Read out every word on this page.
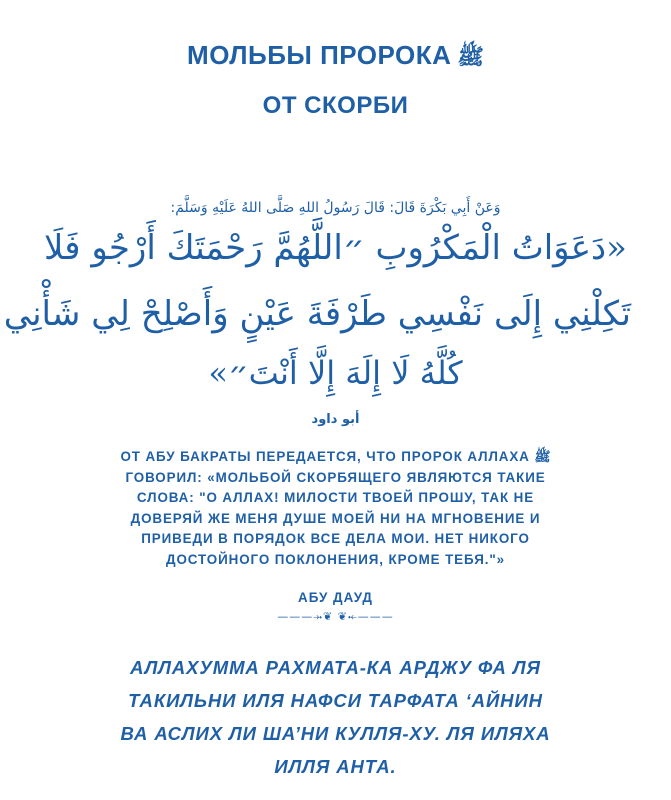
МОЛЬБЫ ПРОРОКА ﷺ
ОТ СКОРБИ
وَعَنْ أَبِي بَكْرَةَ قَالَ: قَالَ رَسُولُ اللهِ صَلَّى اللهُ عَلَيْهِ وَسَلَّمَ:
«دَعَوَاتُ الْمَكْرُوبِ ״اللَّهُمَّ رَحْمَتَكَ أَرْجُو فَلَا
تَكِلْنِي إِلَى نَفْسِي طَرْفَةَ عَيْنٍ وَأَصْلِحْ لِي شَأْنِي
كُلَّهُ لَا إِلَهَ إِلَّا أَنْتَ״»
أبو داود
ОТ АБУ БАКРАТЫ ПЕРЕДАЕТСЯ, ЧТО ПРОРОК АЛЛАХА ﷺ
ГОВОРИЛ: «МОЛЬБОЙ СКОРБЯЩЕГО ЯВЛЯЮТСЯ ТАКИЕ
СЛОВА: "О АЛЛАХ! МИЛОСТИ ТВОЕЙ ПРОШУ, ТАК НЕ
ДОВЕРЯЙ ЖЕ МЕНЯ ДУШЕ МОЕЙ НИ НА МГНОВЕНИЕ И
ПРИВЕДИ В ПОРЯДОК ВСЕ ДЕЛА МОИ. НЕТ НИКОГО
ДОСТОЙНОГО ПОКЛОНЕНИЯ, КРОМЕ ТЕБЯ."»
АБУ ДАУД
———⤞❦ ❦⤝———
АЛЛАХУММА РАХМАТА-КА АРДЖУ ФА ЛЯ
ТАКИЛЬНИ ИЛЯ НАФСИ ТАРФАТА ‘АЙНИН
ВА АСЛИХ ЛИ ША’НИ КУЛЛЯ-ХУ. ЛЯ ИЛЯХА
ИЛЛЯ АНТА.
